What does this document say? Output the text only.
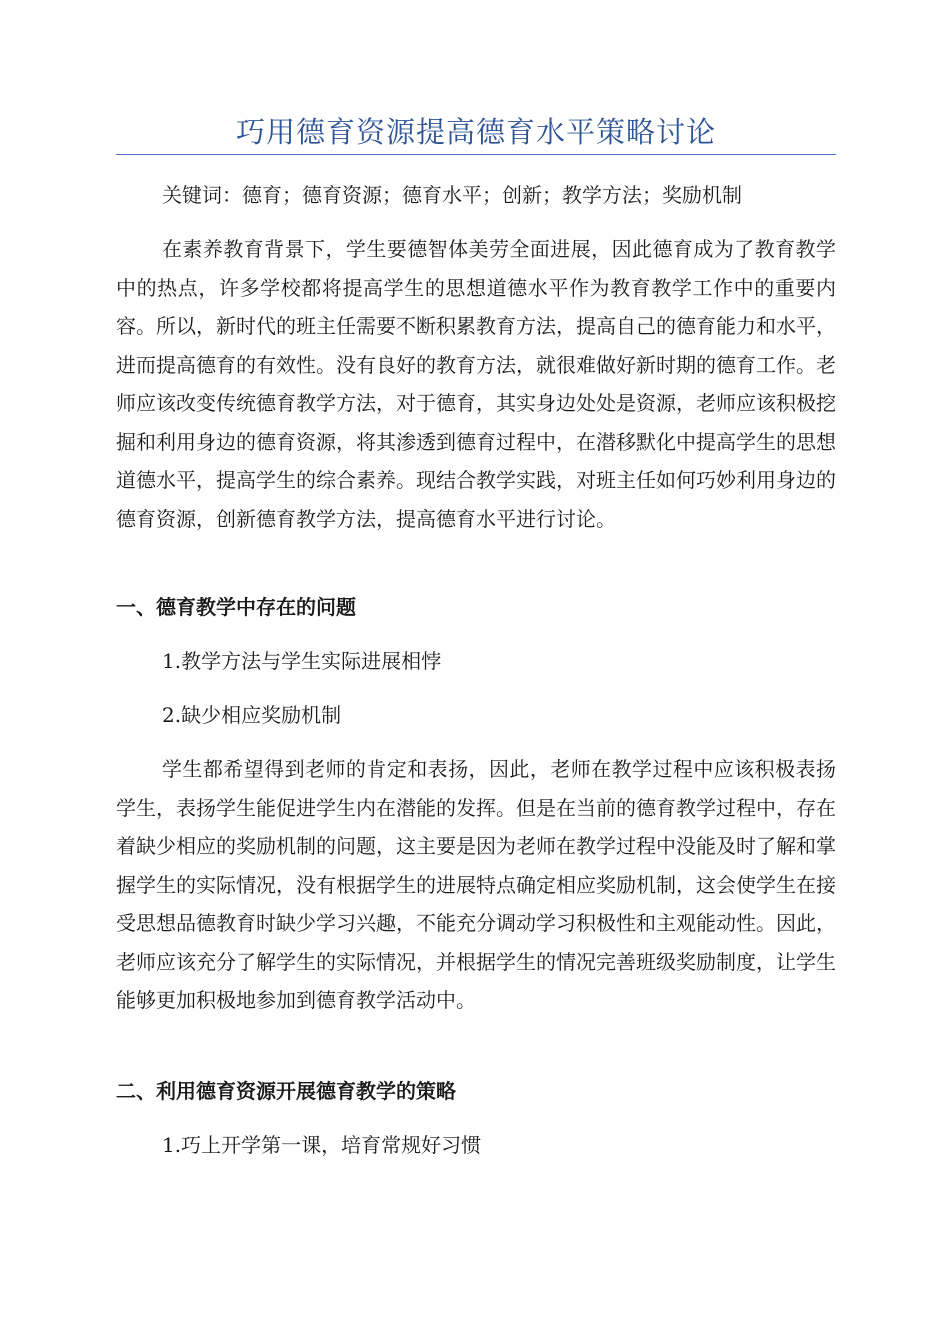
巧用德育资源提高德育水平策略讨论
关键词：德育；德育资源；德育水平；创新；教学方法；奖励机制

在素养教育背景下，学生要德智体美劳全面进展，因此德育成为了教育教学中的热点，许多学校都将提高学生的思想道德水平作为教育教学工作中的重要内容。所以，新时代的班主任需要不断积累教育方法，提高自己的德育能力和水平，进而提高德育的有效性。没有良好的教育方法，就很难做好新时期的德育工作。老师应该改变传统德育教学方法，对于德育，其实身边处处是资源，老师应该积极挖掘和利用身边的德育资源，将其渗透到德育过程中，在潜移默化中提高学生的思想道德水平，提高学生的综合素养。现结合教学实践，对班主任如何巧妙利用身边的德育资源，创新德育教学方法，提高德育水平进行讨论。

一、德育教学中存在的问题
1.教学方法与学生实际进展相悖
2.缺少相应奖励机制

学生都希望得到老师的肯定和表扬，因此，老师在教学过程中应该积极表扬学生，表扬学生能促进学生内在潜能的发挥。但是在当前的德育教学过程中，存在着缺少相应的奖励机制的问题，这主要是因为老师在教学过程中没能及时了解和掌握学生的实际情况，没有根据学生的进展特点确定相应奖励机制，这会使学生在接受思想品德教育时缺少学习兴趣，不能充分调动学习积极性和主观能动性。因此，老师应该充分了解学生的实际情况，并根据学生的情况完善班级奖励制度，让学生能够更加积极地参加到德育教学活动中。

二、利用德育资源开展德育教学的策略
1.巧上开学第一课，培育常规好习惯
